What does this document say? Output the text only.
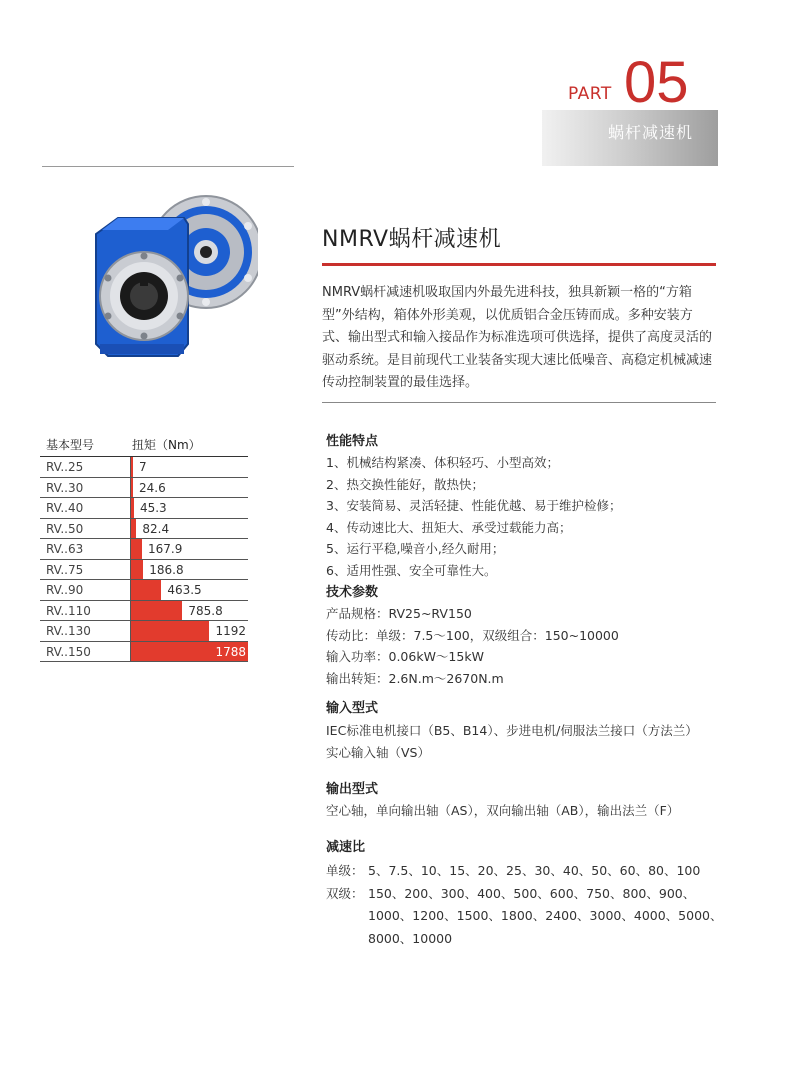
PART 05
蜗杆减速机
基本型号	扭矩（Nm）
RV..25	7
RV..30	24.6
RV..40	45.3
RV..50	82.4
RV..63	167.9
RV..75	186.8
RV..90	463.5
RV..110	785.8
RV..130	1192
RV..150	1788
NMRV蜗杆减速机

NMRV蜗杆减速机吸取国内外最先进科技，独具新颖一格的“方箱型”外结构，箱体外形美观，以优质铝合金压铸而成。多种安装方式、输出型式和输入接品作为标准选项可供选择，提供了高度灵活的驱动系统。是目前现代工业装备实现大速比低噪音、高稳定机械减速传动控制装置的最佳选择。

性能特点
1、机械结构紧凑、体积轻巧、小型高效；
2、热交换性能好，散热快；
3、安装简易、灵活轻捷、性能优越、易于维护检修；
4、传动速比大、扭矩大、承受过载能力高；
5、运行平稳,噪音小,经久耐用；
6、适用性强、安全可靠性大。
技术参数
产品规格：RV25~RV150
传动比：单级：7.5～100，双级组合：150~10000
输入功率：0.06kW～15kW
输出转矩：2.6N.m～2670N.m
输入型式
IEC标准电机接口（B5、B14）、步进电机/伺服法兰接口（方法兰）
实心输入轴（VS）
输出型式
空心轴，单向输出轴（AS），双向输出轴（AB），输出法兰（F）
减速比
单级： 5、7.5、10、15、20、25、30、40、50、60、80、100
双级： 150、200、300、400、500、600、750、800、900、1000、1200、1500、1800、2400、3000、4000、5000、8000、10000
